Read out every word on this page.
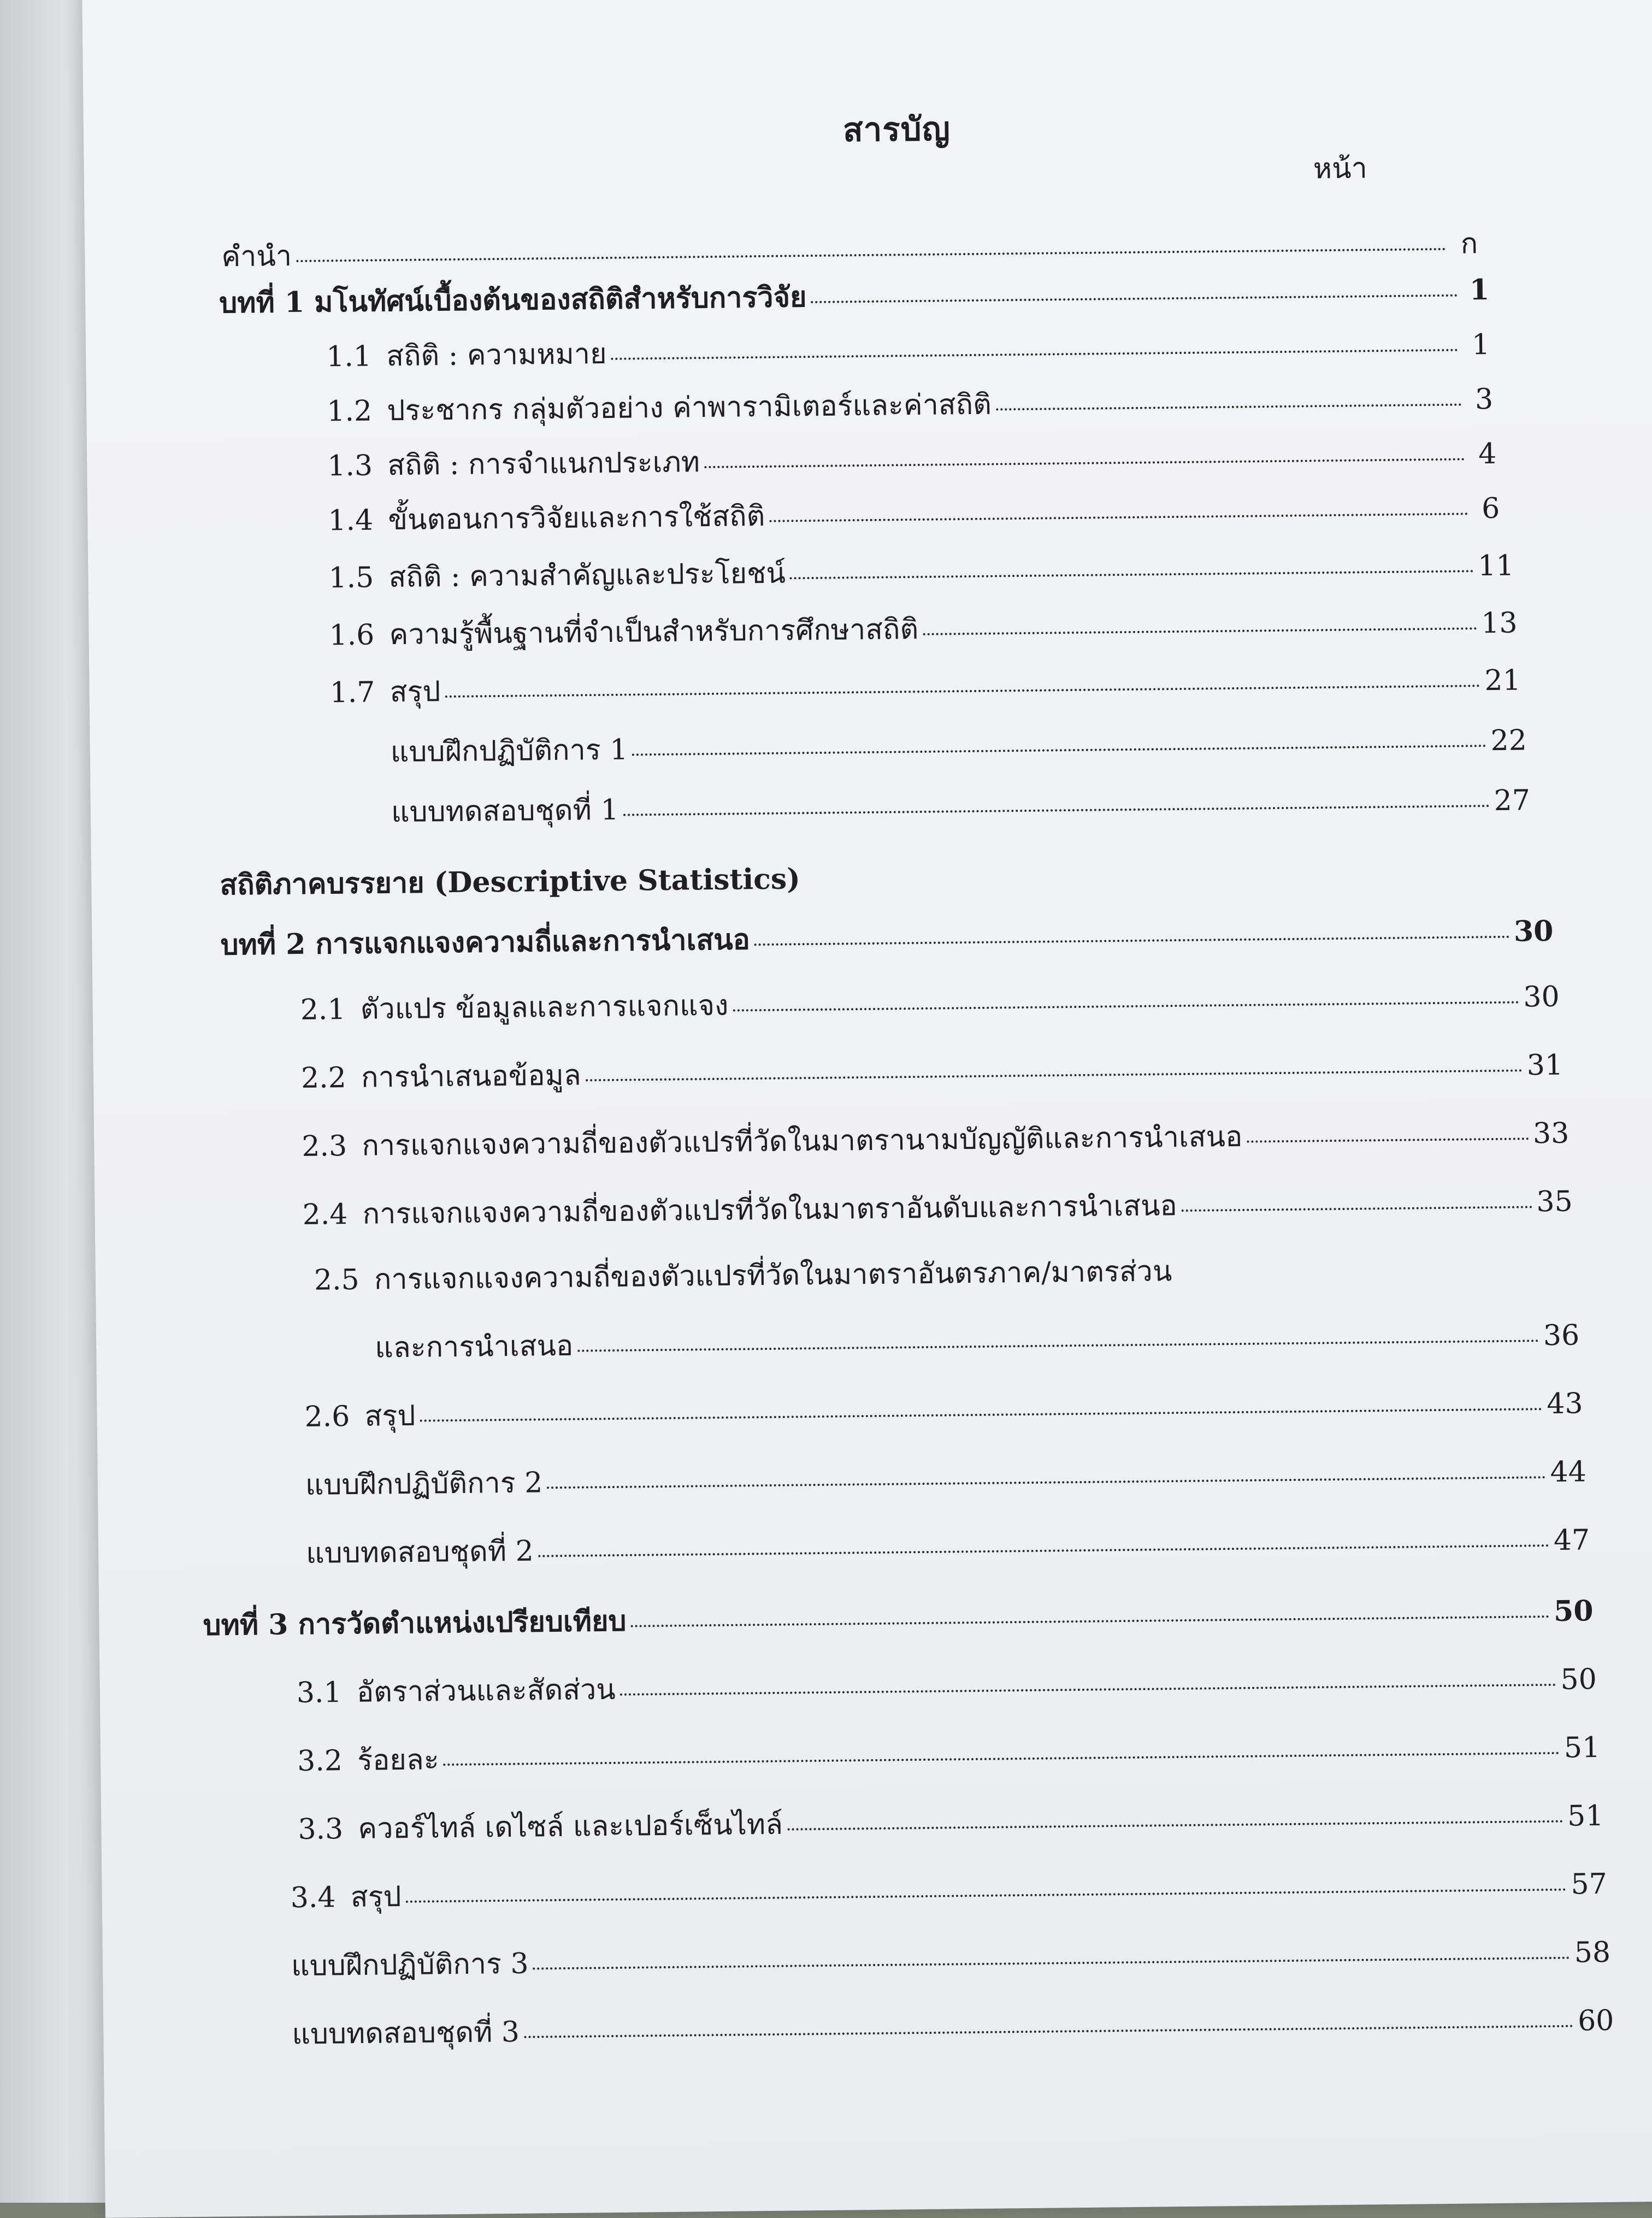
สารบัญ
หน้า
คำนำ	ก
บทที่ 1 มโนทัศน์เบื้องต้นของสถิติสำหรับการวิจัย	1
1.1 สถิติ : ความหมาย	1
1.2 ประชากร กลุ่มตัวอย่าง ค่าพารามิเตอร์และค่าสถิติ	3
1.3 สถิติ : การจำแนกประเภท	4
1.4 ขั้นตอนการวิจัยและการใช้สถิติ	6
1.5 สถิติ : ความสำคัญและประโยชน์	11
1.6 ความรู้พื้นฐานที่จำเป็นสำหรับการศึกษาสถิติ	13
1.7 สรุป	21
แบบฝึกปฏิบัติการ 1	22
แบบทดสอบชุดที่ 1	27
สถิติภาคบรรยาย (Descriptive Statistics)
บทที่ 2 การแจกแจงความถี่และการนำเสนอ	30
2.1 ตัวแปร ข้อมูลและการแจกแจง	30
2.2 การนำเสนอข้อมูล	31
2.3 การแจกแจงความถี่ของตัวแปรที่วัดในมาตรานามบัญญัติและการนำเสนอ	33
2.4 การแจกแจงความถี่ของตัวแปรที่วัดในมาตราอันดับและการนำเสนอ	35
2.5 การแจกแจงความถี่ของตัวแปรที่วัดในมาตราอันตรภาค/มาตรส่วน
และการนำเสนอ	36
2.6 สรุป	43
แบบฝึกปฏิบัติการ 2	44
แบบทดสอบชุดที่ 2	47
บทที่ 3 การวัดตำแหน่งเปรียบเทียบ	50
3.1 อัตราส่วนและสัดส่วน	50
3.2 ร้อยละ	51
3.3 ควอร์ไทล์ เดไซล์ และเปอร์เซ็นไทล์	51
3.4 สรุป	57
แบบฝึกปฏิบัติการ 3	58
แบบทดสอบชุดที่ 3	60
